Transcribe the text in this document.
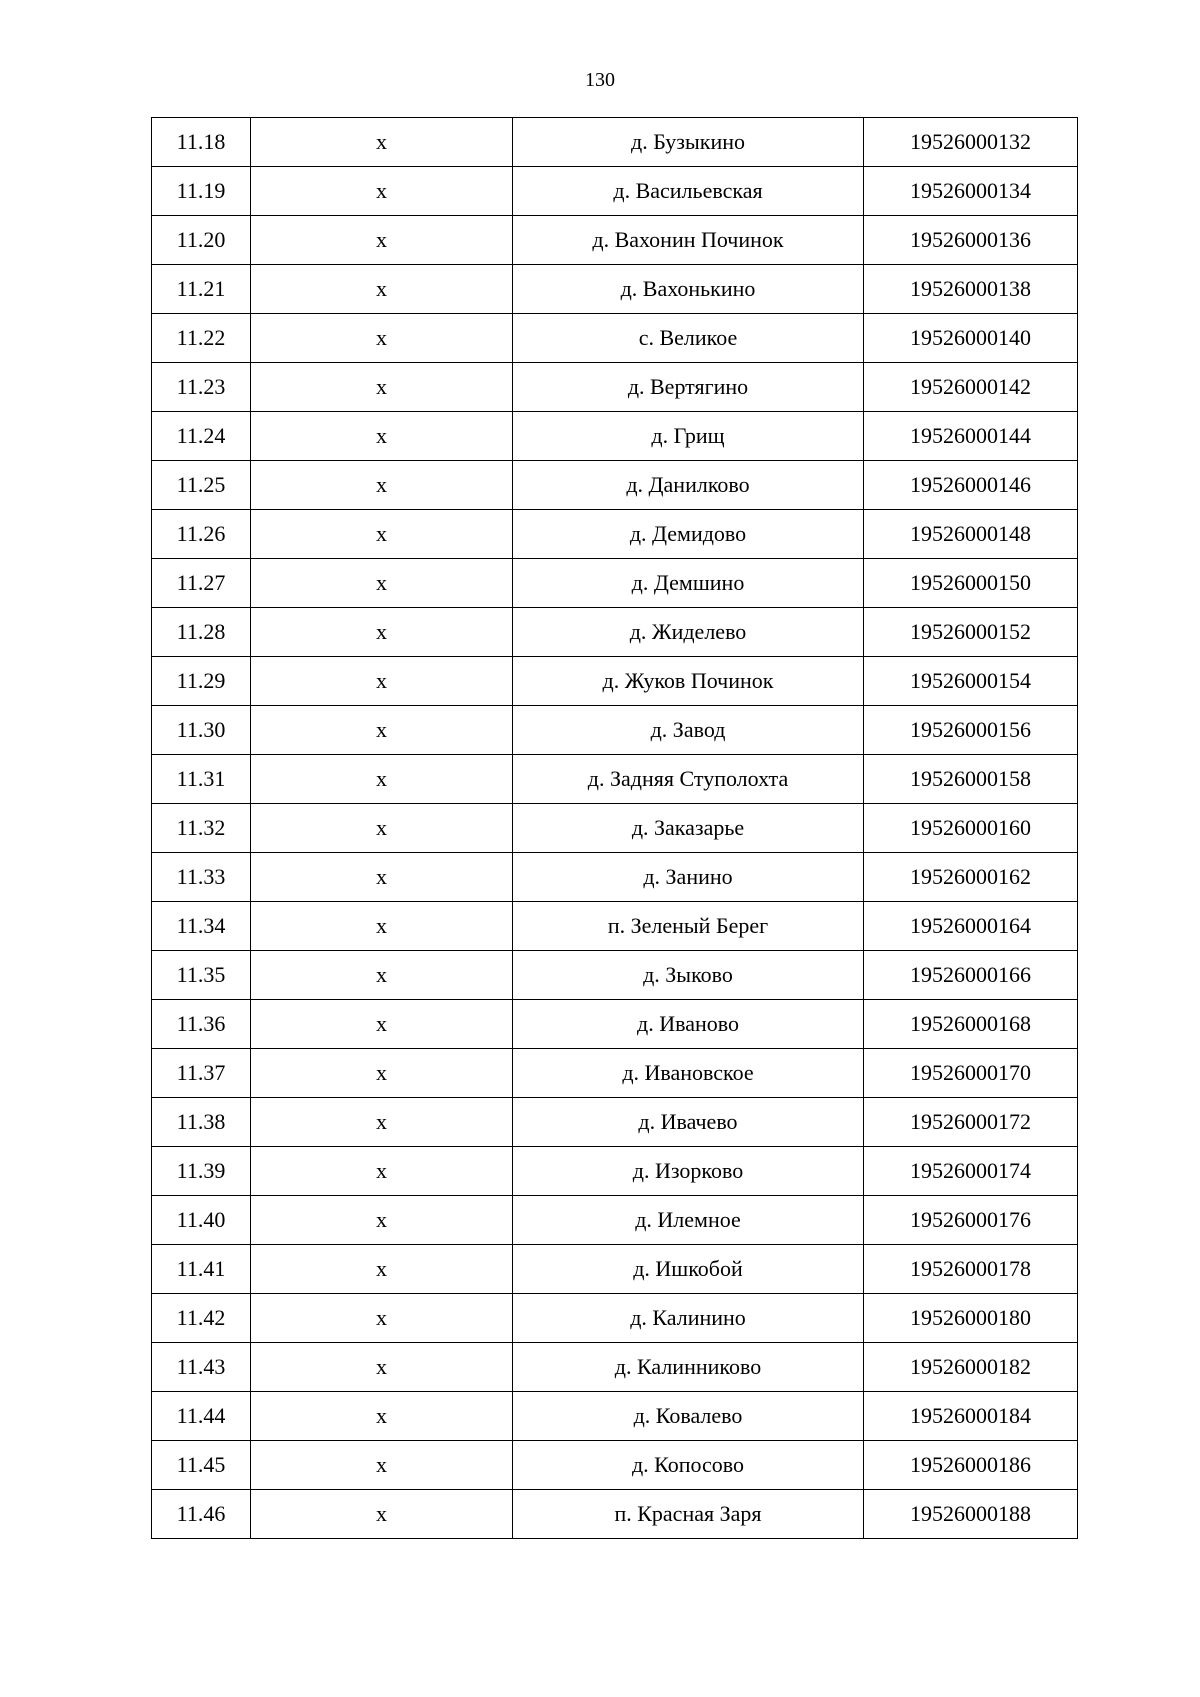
130
11.18	х	д. Бузыкино	19526000132
11.19	х	д. Васильевская	19526000134
11.20	х	д. Вахонин Починок	19526000136
11.21	х	д. Вахонькино	19526000138
11.22	х	с. Великое	19526000140
11.23	х	д. Вертягино	19526000142
11.24	х	д. Грищ	19526000144
11.25	х	д. Данилково	19526000146
11.26	х	д. Демидово	19526000148
11.27	х	д. Демшино	19526000150
11.28	х	д. Жиделево	19526000152
11.29	х	д. Жуков Починок	19526000154
11.30	х	д. Завод	19526000156
11.31	х	д. Задняя Ступолохта	19526000158
11.32	х	д. Заказарье	19526000160
11.33	х	д. Занино	19526000162
11.34	х	п. Зеленый Берег	19526000164
11.35	х	д. Зыково	19526000166
11.36	х	д. Иваново	19526000168
11.37	х	д. Ивановское	19526000170
11.38	х	д. Ивачево	19526000172
11.39	х	д. Изорково	19526000174
11.40	х	д. Илемное	19526000176
11.41	х	д. Ишкобой	19526000178
11.42	х	д. Калинино	19526000180
11.43	х	д. Калинниково	19526000182
11.44	х	д. Ковалево	19526000184
11.45	х	д. Копосово	19526000186
11.46	х	п. Красная Заря	19526000188
